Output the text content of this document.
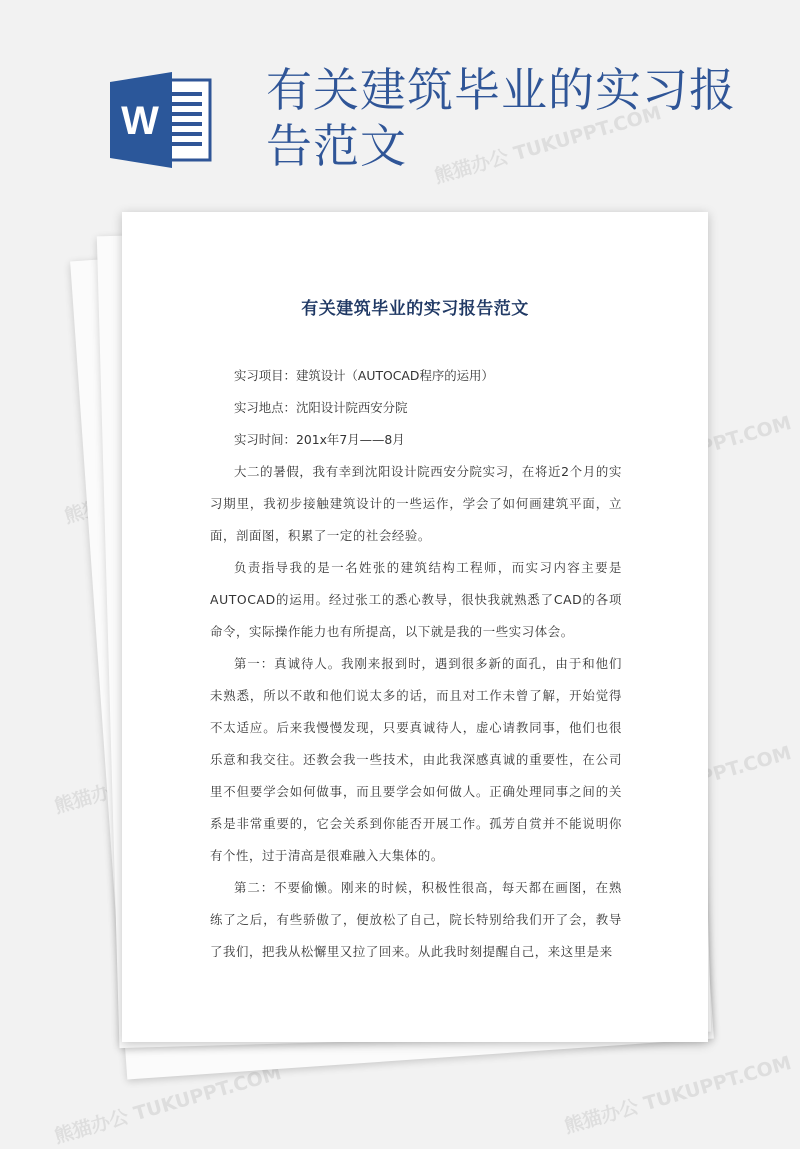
W
有关建筑毕业的实习报告范文	熊猫办公 TUKUPPT.COM
TUKUPPT.COM
熊猫办公	TUKUPPT.COM
熊猫办公 TUKUPPT.COM	熊猫办公 TUKUPPT.COM
有关建筑毕业的实习报告范文

实习项目：建筑设计（AUTOCAD程序的运用）

实习地点：沈阳设计院西安分院

实习时间：201x年7月——8月

大二的暑假，我有幸到沈阳设计院西安分院实习，在将近2个月的实习期里，我初步接触建筑设计的一些运作，学会了如何画建筑平面，立面，剖面图，积累了一定的社会经验。

负责指导我的是一名姓张的建筑结构工程师，而实习内容主要是AUTOCAD的运用。经过张工的悉心教导，很快我就熟悉了CAD的各项命令，实际操作能力也有所提高，以下就是我的一些实习体会。

第一：真诚待人。我刚来报到时，遇到很多新的面孔，由于和他们未熟悉，所以不敢和他们说太多的话，而且对工作未曾了解，开始觉得不太适应。后来我慢慢发现，只要真诚待人，虚心请教同事，他们也很乐意和我交往。还教会我一些技术，由此我深感真诚的重要性，在公司里不但要学会如何做事，而且要学会如何做人。正确处理同事之间的关系是非常重要的，它会关系到你能否开展工作。孤芳自赏并不能说明你有个性，过于清高是很难融入大集体的。

第二：不要偷懒。刚来的时候，积极性很高，每天都在画图，在熟练了之后，有些骄傲了，便放松了自己，院长特别给我们开了会，教导了我们，把我从松懈里又拉了回来。从此我时刻提醒自己，来这里是来
